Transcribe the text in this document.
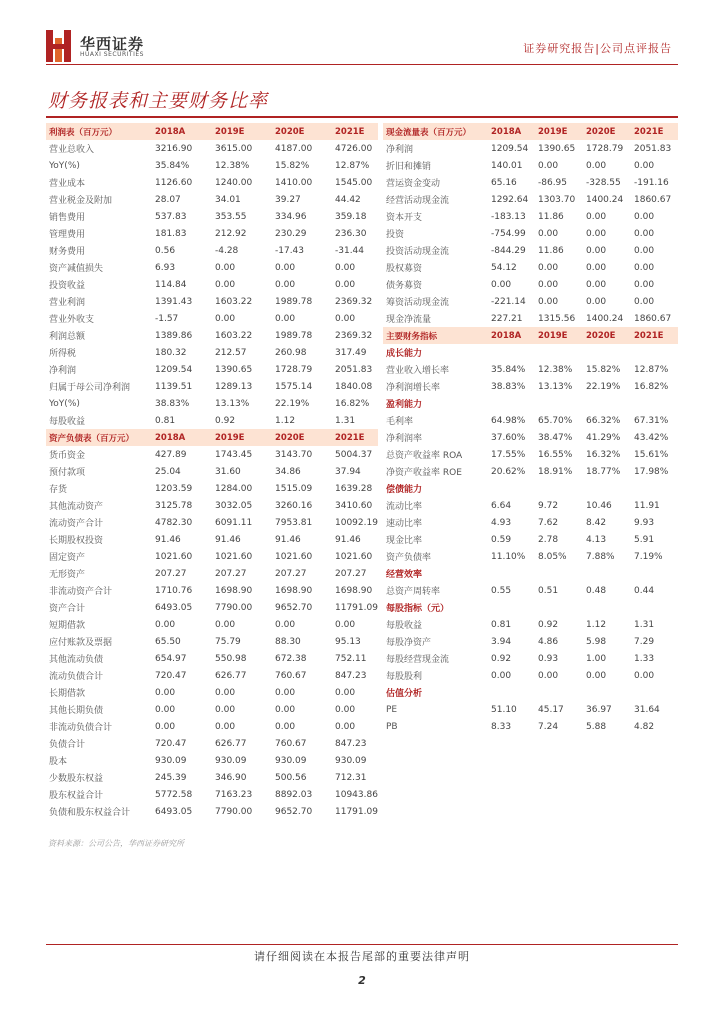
华西证券
HUAXI SECURITIES	证券研究报告|公司点评报告
财务报表和主要财务比率
利润表（百万元）	2018A	2019E	2020E	2021E
营业总收入	3216.90	3615.00	4187.00	4726.00
YoY(%)	35.84%	12.38%	15.82%	12.87%
营业成本	1126.60	1240.00	1410.00	1545.00
营业税金及附加	28.07	34.01	39.27	44.42
销售费用	537.83	353.55	334.96	359.18
管理费用	181.83	212.92	230.29	236.30
财务费用	0.56	-4.28	-17.43	-31.44
资产减值损失	6.93	0.00	0.00	0.00
投资收益	114.84	0.00	0.00	0.00
营业利润	1391.43	1603.22	1989.78	2369.32
营业外收支	-1.57	0.00	0.00	0.00
利润总额	1389.86	1603.22	1989.78	2369.32
所得税	180.32	212.57	260.98	317.49
净利润	1209.54	1390.65	1728.79	2051.83
归属于母公司净利润	1139.51	1289.13	1575.14	1840.08
YoY(%)	38.83%	13.13%	22.19%	16.82%
每股收益	0.81	0.92	1.12	1.31
资产负债表（百万元）	2018A	2019E	2020E	2021E
货币资金	427.89	1743.45	3143.70	5004.37
预付款项	25.04	31.60	34.86	37.94
存货	1203.59	1284.00	1515.09	1639.28
其他流动资产	3125.78	3032.05	3260.16	3410.60
流动资产合计	4782.30	6091.11	7953.81	10092.19
长期股权投资	91.46	91.46	91.46	91.46
固定资产	1021.60	1021.60	1021.60	1021.60
无形资产	207.27	207.27	207.27	207.27
非流动资产合计	1710.76	1698.90	1698.90	1698.90
资产合计	6493.05	7790.00	9652.70	11791.09
短期借款	0.00	0.00	0.00	0.00
应付账款及票据	65.50	75.79	88.30	95.13
其他流动负债	654.97	550.98	672.38	752.11
流动负债合计	720.47	626.77	760.67	847.23
长期借款	0.00	0.00	0.00	0.00
其他长期负债	0.00	0.00	0.00	0.00
非流动负债合计	0.00	0.00	0.00	0.00
负债合计	720.47	626.77	760.67	847.23
股本	930.09	930.09	930.09	930.09
少数股东权益	245.39	346.90	500.56	712.31
股东权益合计	5772.58	7163.23	8892.03	10943.86
负债和股东权益合计	6493.05	7790.00	9652.70	11791.09
现金流量表（百万元）	2018A	2019E	2020E	2021E
净利润	1209.54	1390.65	1728.79	2051.83
折旧和摊销	140.01	0.00	0.00	0.00
营运资金变动	65.16	-86.95	-328.55	-191.16
经营活动现金流	1292.64	1303.70	1400.24	1860.67
资本开支	-183.13	11.86	0.00	0.00
投资	-754.99	0.00	0.00	0.00
投资活动现金流	-844.29	11.86	0.00	0.00
股权募资	54.12	0.00	0.00	0.00
债务募资	0.00	0.00	0.00	0.00
筹资活动现金流	-221.14	0.00	0.00	0.00
现金净流量	227.21	1315.56	1400.24	1860.67
主要财务指标	2018A	2019E	2020E	2021E
成长能力				
营业收入增长率	35.84%	12.38%	15.82%	12.87%
净利润增长率	38.83%	13.13%	22.19%	16.82%
盈利能力				
毛利率	64.98%	65.70%	66.32%	67.31%
净利润率	37.60%	38.47%	41.29%	43.42%
总资产收益率 ROA	17.55%	16.55%	16.32%	15.61%
净资产收益率 ROE	20.62%	18.91%	18.77%	17.98%
偿债能力				
流动比率	6.64	9.72	10.46	11.91
速动比率	4.93	7.62	8.42	9.93
现金比率	0.59	2.78	4.13	5.91
资产负债率	11.10%	8.05%	7.88%	7.19%
经营效率				
总资产周转率	0.55	0.51	0.48	0.44
每股指标（元）				
每股收益	0.81	0.92	1.12	1.31
每股净资产	3.94	4.86	5.98	7.29
每股经营现金流	0.92	0.93	1.00	1.33
每股股利	0.00	0.00	0.00	0.00
估值分析				
PE	51.10	45.17	36.97	31.64
PB	8.33	7.24	5.88	4.82
资料来源：公司公告，华西证券研究所
请仔细阅读在本报告尾部的重要法律声明
2
